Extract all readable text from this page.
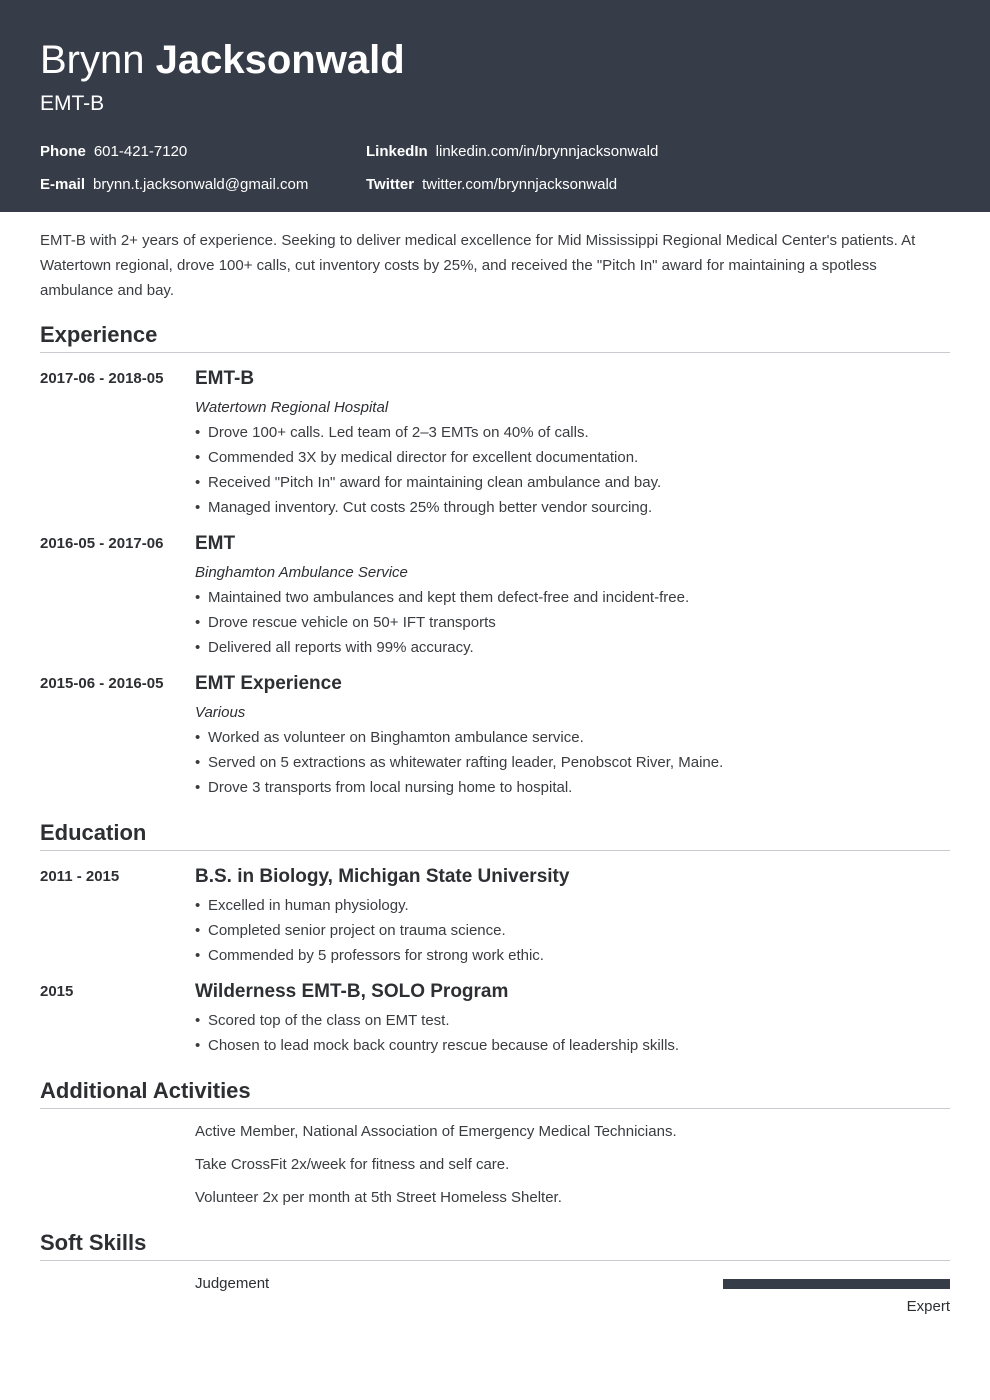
Brynn Jacksonwald
EMT-B
Phone 601-421-7120	LinkedIn linkedin.com/in/brynnjacksonwald
E-mail brynn.t.jacksonwald@gmail.com	Twitter twitter.com/brynnjacksonwald
EMT-B with 2+ years of experience. Seeking to deliver medical excellence for Mid Mississippi Regional Medical Center's patients. At Watertown regional, drove 100+ calls, cut inventory costs by 25%, and received the "Pitch In" award for maintaining a spotless ambulance and bay.
Experience
2017-06 - 2018-05 EMT-B
Watertown Regional Hospital
• Drove 100+ calls. Led team of 2–3 EMTs on 40% of calls.
• Commended 3X by medical director for excellent documentation.
• Received "Pitch In" award for maintaining clean ambulance and bay.
• Managed inventory. Cut costs 25% through better vendor sourcing.
2016-05 - 2017-06 EMT
Binghamton Ambulance Service
• Maintained two ambulances and kept them defect-free and incident-free.
• Drove rescue vehicle on 50+ IFT transports
• Delivered all reports with 99% accuracy.
2015-06 - 2016-05 EMT Experience
Various
• Worked as volunteer on Binghamton ambulance service.
• Served on 5 extractions as whitewater rafting leader, Penobscot River, Maine.
• Drove 3 transports from local nursing home to hospital.
Education
2011 - 2015	B.S. in Biology, Michigan State University
• Excelled in human physiology.
• Completed senior project on trauma science.
• Commended by 5 professors for strong work ethic.
2015	Wilderness EMT-B, SOLO Program
• Scored top of the class on EMT test.
• Chosen to lead mock back country rescue because of leadership skills.
Additional Activities
Active Member, National Association of Emergency Medical Technicians.
Take CrossFit 2x/week for fitness and self care.
Volunteer 2x per month at 5th Street Homeless Shelter.
Soft Skills
Judgement
Expert
